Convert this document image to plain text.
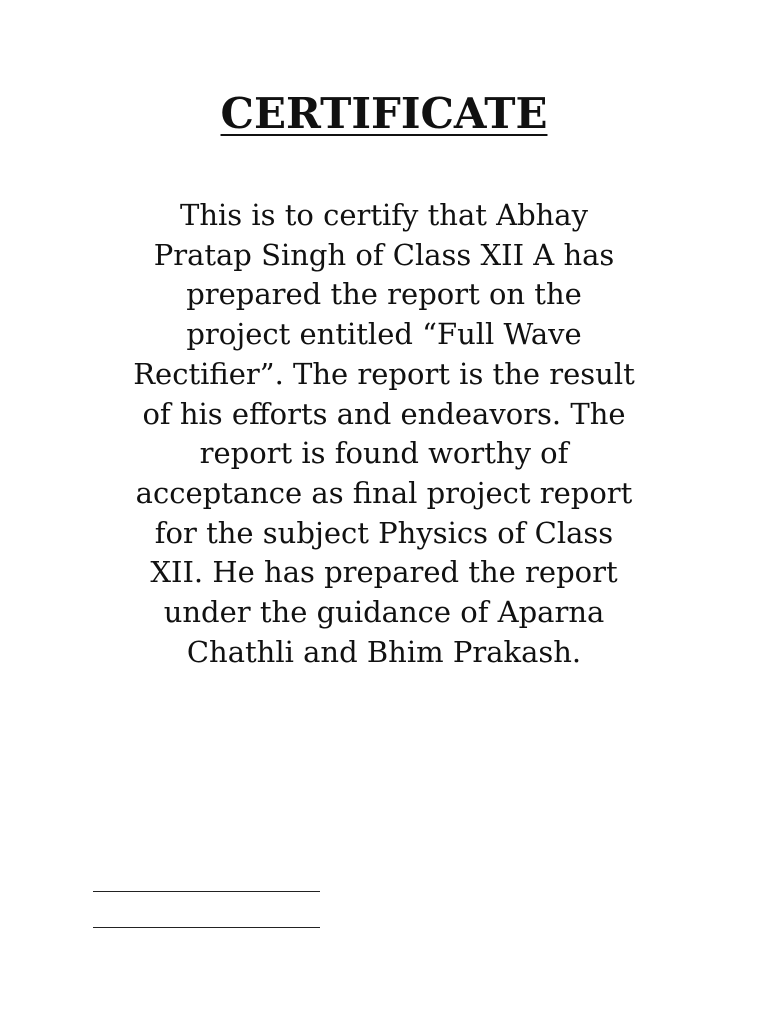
CERTIFICATE
This is to certify that Abhay
Pratap Singh of Class XII A has
prepared the report on the
project entitled “Full Wave
Rectifier”. The report is the result
of his efforts and endeavors. The
report is found worthy of
acceptance as final project report
for the subject Physics of Class
XII. He has prepared the report
under the guidance of Aparna
Chathli and Bhim Prakash.
